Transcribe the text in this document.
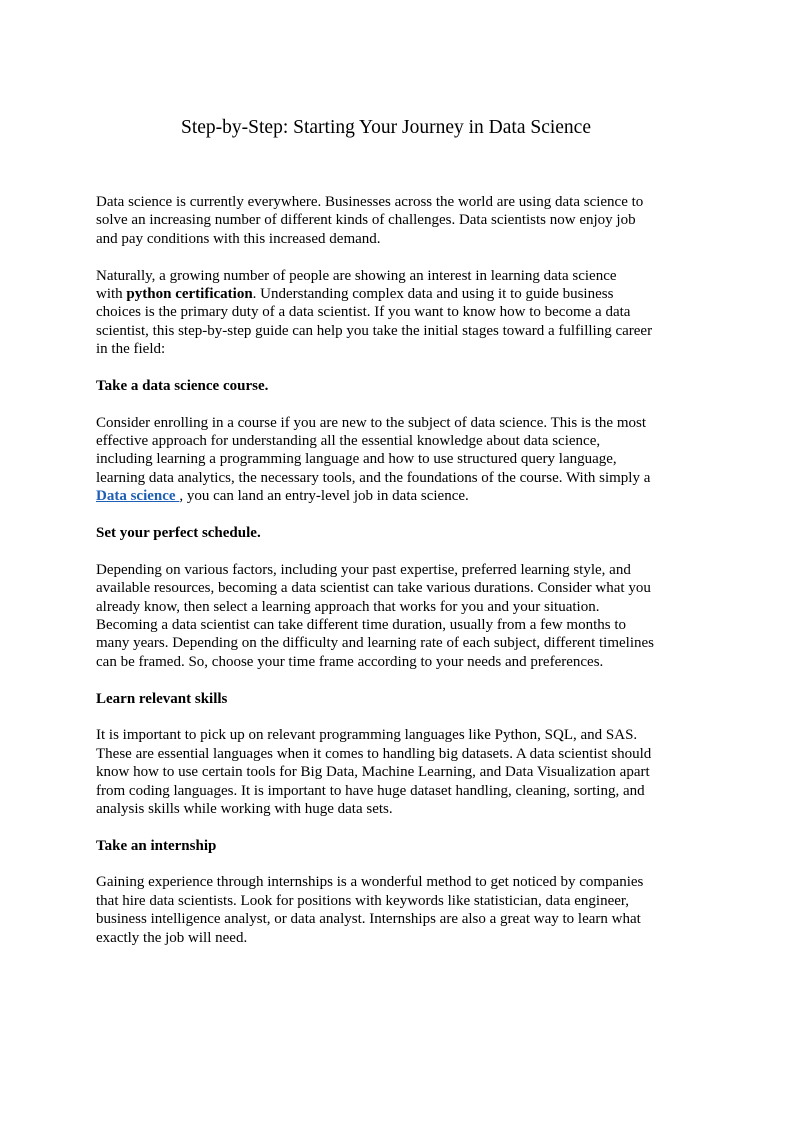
Step-by-Step: Starting Your Journey in Data Science
Data science is currently everywhere. Businesses across the world are using data science to
solve an increasing number of different kinds of challenges. Data scientists now enjoy job
and pay conditions with this increased demand.
Naturally, a growing number of people are showing an interest in learning data science
with python certification. Understanding complex data and using it to guide business
choices is the primary duty of a data scientist. If you want to know how to become a data
scientist, this step-by-step guide can help you take the initial stages toward a fulfilling career
in the field:
Take a data science course.
Consider enrolling in a course if you are new to the subject of data science. This is the most
effective approach for understanding all the essential knowledge about data science,
including learning a programming language and how to use structured query language,
learning data analytics, the necessary tools, and the foundations of the course. With simply a
Data science , you can land an entry-level job in data science.
Set your perfect schedule.
Depending on various factors, including your past expertise, preferred learning style, and
available resources, becoming a data scientist can take various durations. Consider what you
already know, then select a learning approach that works for you and your situation.
Becoming a data scientist can take different time duration, usually from a few months to
many years. Depending on the difficulty and learning rate of each subject, different timelines
can be framed. So, choose your time frame according to your needs and preferences.
Learn relevant skills
It is important to pick up on relevant programming languages like Python, SQL, and SAS.
These are essential languages when it comes to handling big datasets. A data scientist should
know how to use certain tools for Big Data, Machine Learning, and Data Visualization apart
from coding languages. It is important to have huge dataset handling, cleaning, sorting, and
analysis skills while working with huge data sets.
Take an internship
Gaining experience through internships is a wonderful method to get noticed by companies
that hire data scientists. Look for positions with keywords like statistician, data engineer,
business intelligence analyst, or data analyst. Internships are also a great way to learn what
exactly the job will need.
